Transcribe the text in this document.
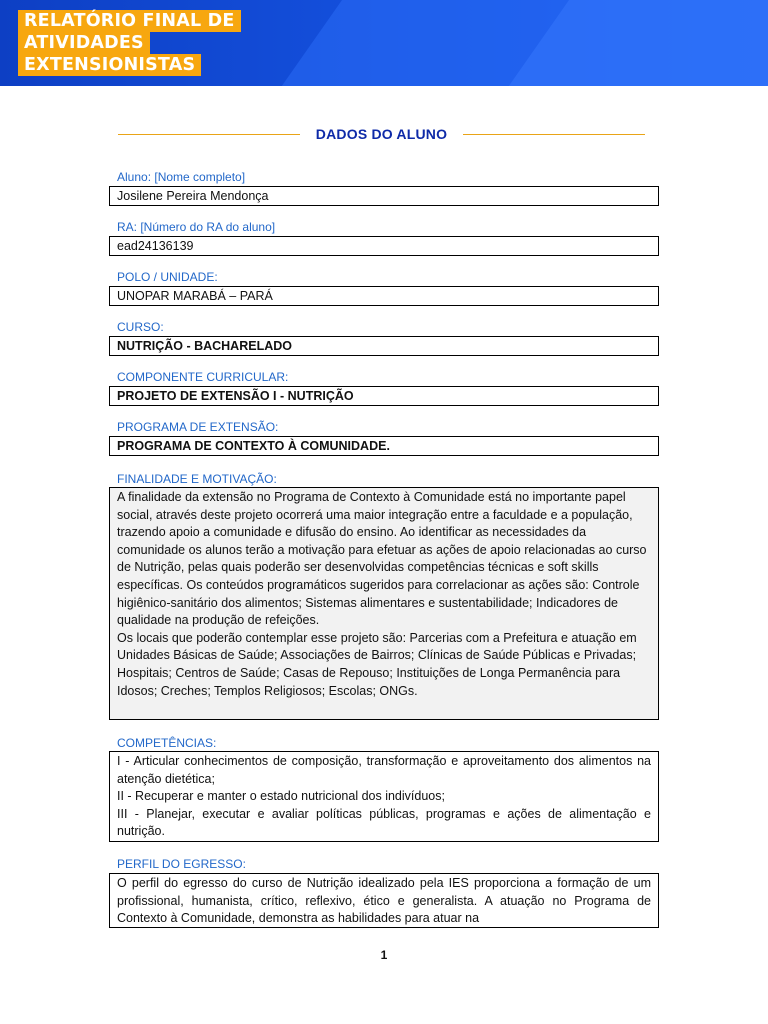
RELATÓRIO FINAL DE
ATIVIDADES
EXTENSIONISTAS
DADOS DO ALUNO
Aluno: [Nome completo]
Josilene Pereira Mendonça
RA: [Número do RA do aluno]
ead24136139
POLO / UNIDADE:
UNOPAR MARABÁ – PARÁ
CURSO:
NUTRIÇÃO - BACHARELADO
COMPONENTE CURRICULAR:
PROJETO DE EXTENSÃO I - NUTRIÇÃO
PROGRAMA DE EXTENSÃO:
PROGRAMA DE CONTEXTO À COMUNIDADE.
FINALIDADE E MOTIVAÇÃO:

A finalidade da extensão no Programa de Contexto à Comunidade está no importante papel social, através deste projeto ocorrerá uma maior integração entre a faculdade e a população, trazendo apoio a comunidade e difusão do ensino. Ao identificar as necessidades da comunidade os alunos terão a motivação para efetuar as ações de apoio relacionadas ao curso de Nutrição, pelas quais poderão ser desenvolvidas competências técnicas e soft skills específicas. Os conteúdos programáticos sugeridos para correlacionar as ações são: Controle higiênico-sanitário dos alimentos; Sistemas alimentares e sustentabilidade; Indicadores de qualidade na produção de refeições.

Os locais que poderão contemplar esse projeto são: Parcerias com a Prefeitura e atuação em Unidades Básicas de Saúde; Associações de Bairros; Clínicas de Saúde Públicas e Privadas; Hospitais; Centros de Saúde; Casas de Repouso; Instituições de Longa Permanência para Idosos; Creches; Templos Religiosos; Escolas; ONGs.

COMPETÊNCIAS:

I - Articular conhecimentos de composição, transformação e aproveitamento dos alimentos na atenção dietética;

II - Recuperar e manter o estado nutricional dos indivíduos;

III - Planejar, executar e avaliar políticas públicas, programas e ações de alimentação e nutrição.

PERFIL DO EGRESSO:

O perfil do egresso do curso de Nutrição idealizado pela IES proporciona a formação de um profissional, humanista, crítico, reflexivo, ético e generalista. A atuação no Programa de Contexto à Comunidade, demonstra as habilidades para atuar na

1
